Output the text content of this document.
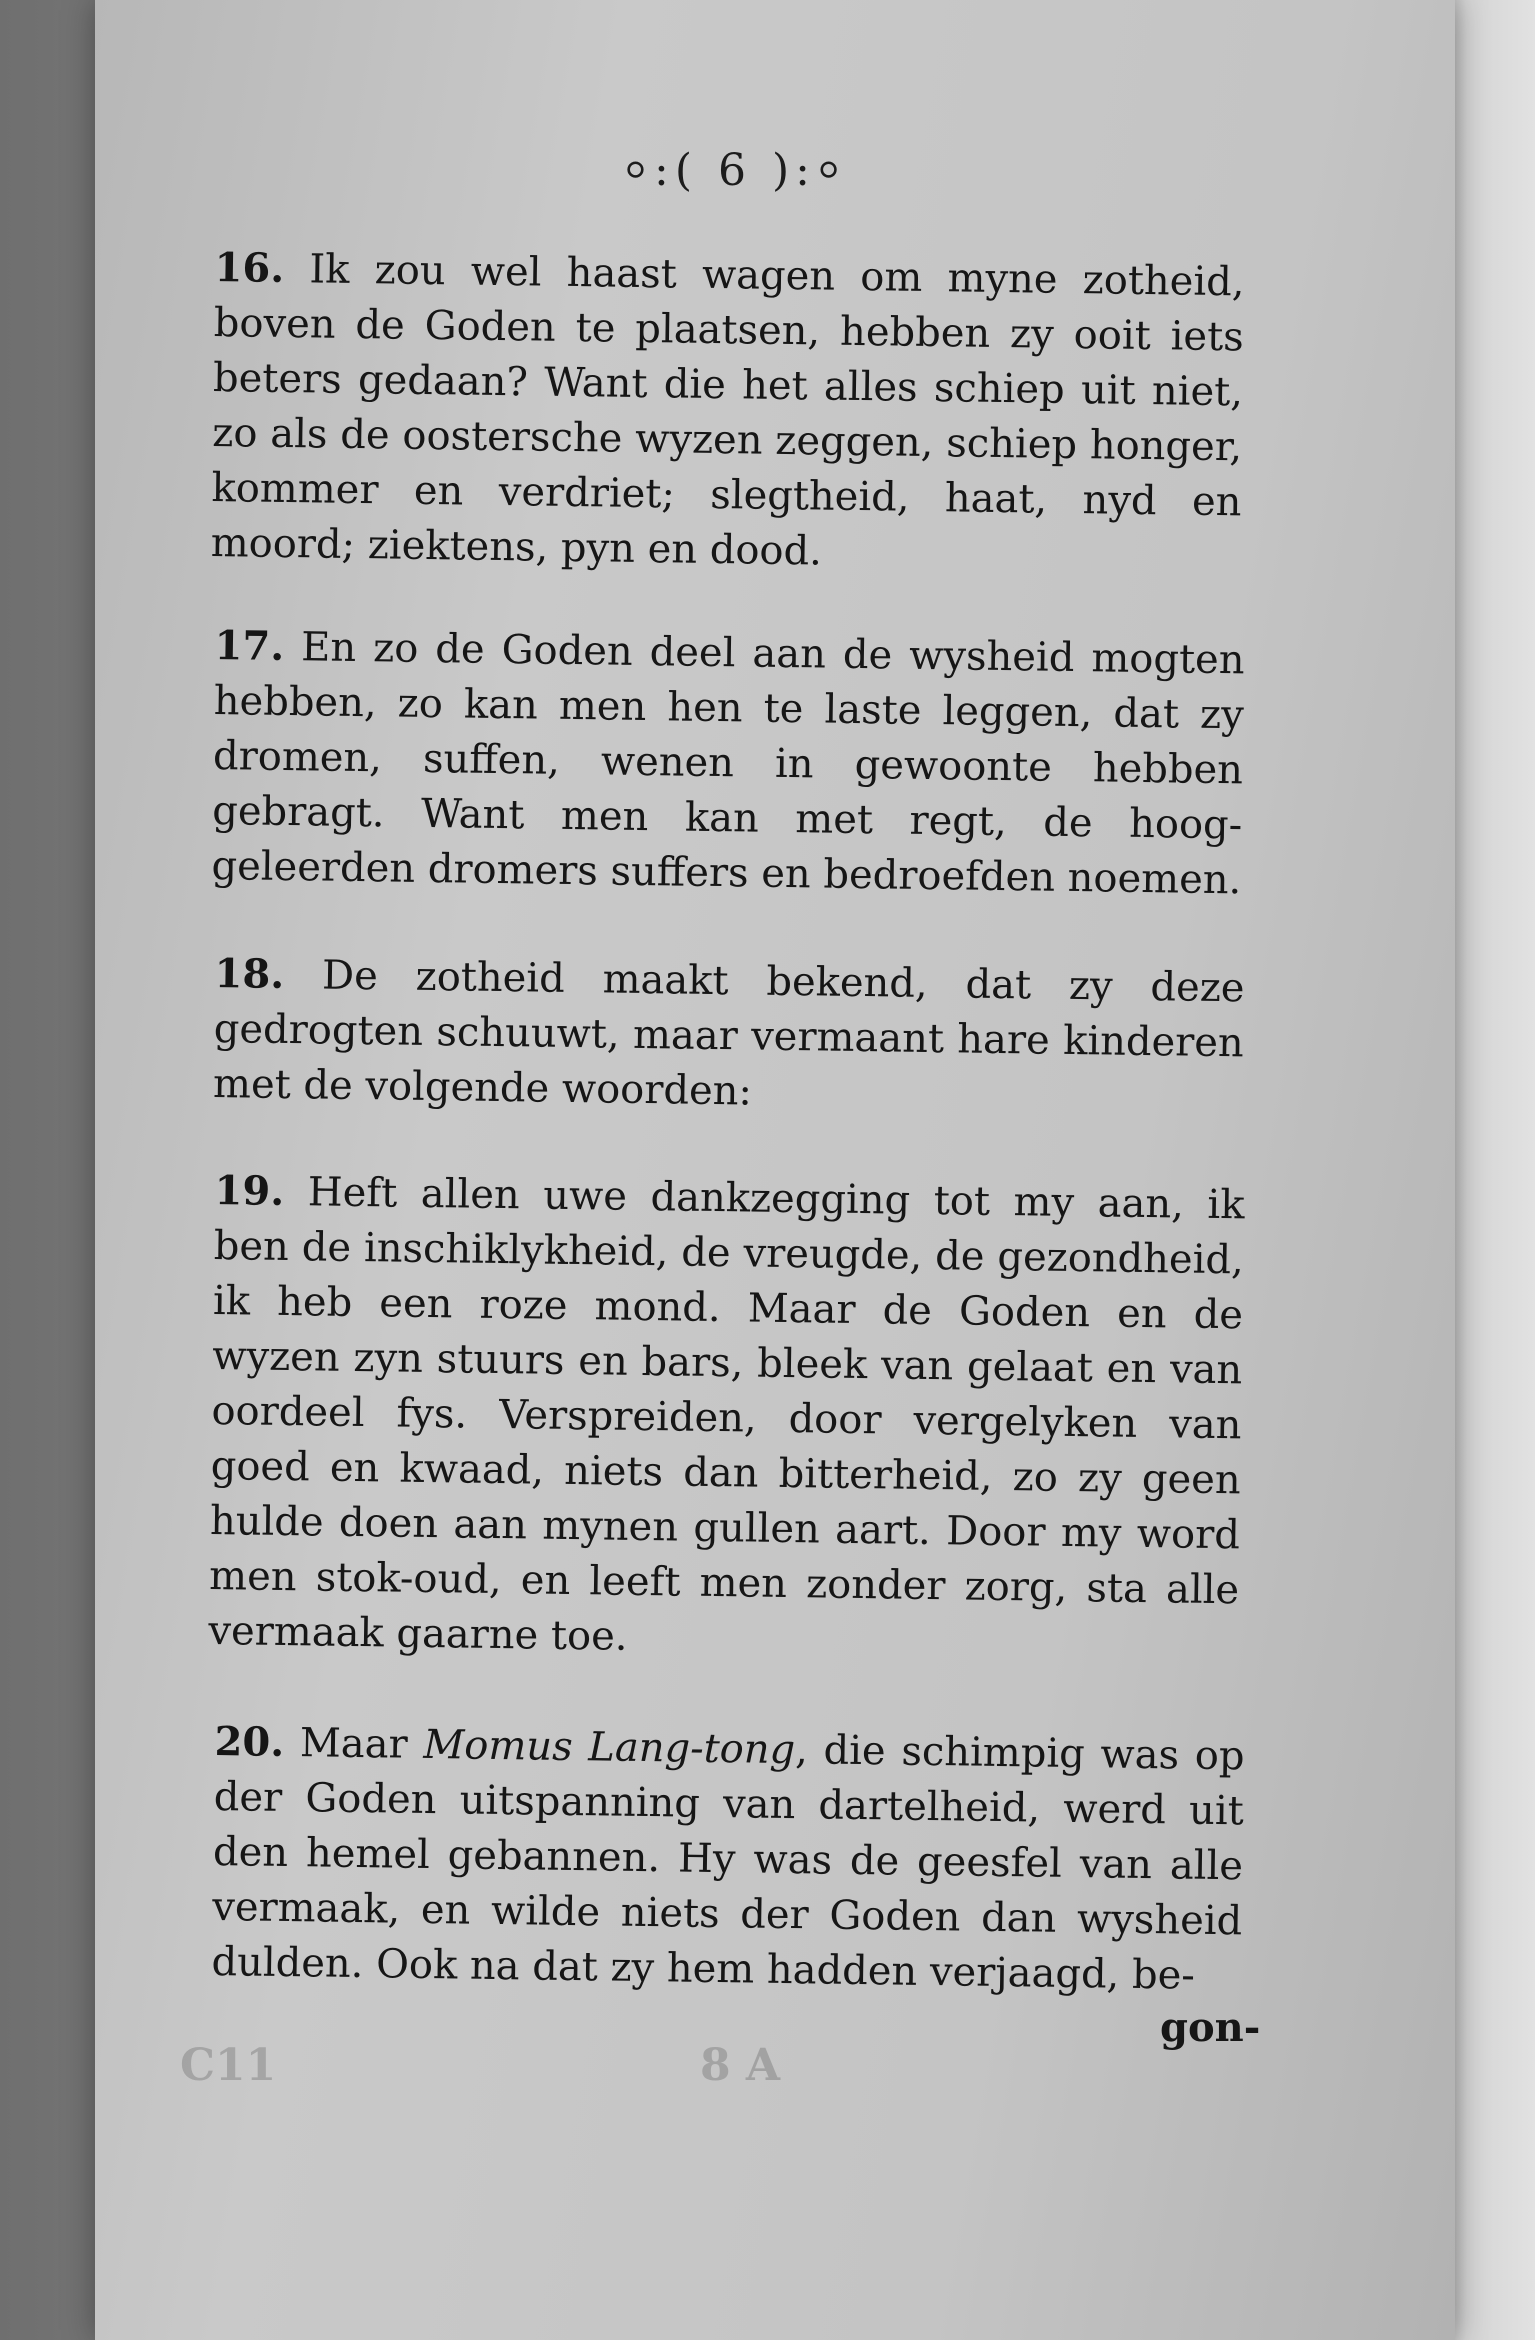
⸰:( 6 ):⸰
16. Ik zou wel haast wagen om myne zotheid, boven de Goden te plaatsen, hebben zy ooit iets beters gedaan? Want die het alles schiep uit niet, zo als de oostersche wyzen zeggen, schiep honger, kommer en verdriet; slegtheid, haat, nyd en moord; ziektens, pyn en dood.
17. En zo de Goden deel aan de wysheid mogten hebben, zo kan men hen te laste leggen, dat zy dromen, suffen, wenen in gewoonte hebben gebragt. Want men kan met regt, de hoog-geleerden dromers suffers en bedroefden noemen.
18. De zotheid maakt bekend, dat zy deze gedrogten schuuwt, maar vermaant hare kinderen met de volgende woorden:
19. Heft allen uwe dankzegging tot my aan, ik ben de inschiklykheid, de vreugde, de gezondheid, ik heb een roze mond. Maar de Goden en de wyzen zyn stuurs en bars, bleek van gelaat en van oordeel fys. Verspreiden, door vergelyken van goed en kwaad, niets dan bitterheid, zo zy geen hulde doen aan mynen gullen aart. Door my word men stok-oud, en leeft men zonder zorg, sta alle vermaak gaarne toe.
20. Maar Momus Lang-tong, die schimpig was op der Goden uitspanning van dartelheid, werd uit den hemel gebannen. Hy was de geesfel van alle vermaak, en wilde niets der Goden dan wysheid dulden. Ook na dat zy hem hadden verjaagd, be-
gon-
C11	8 A
